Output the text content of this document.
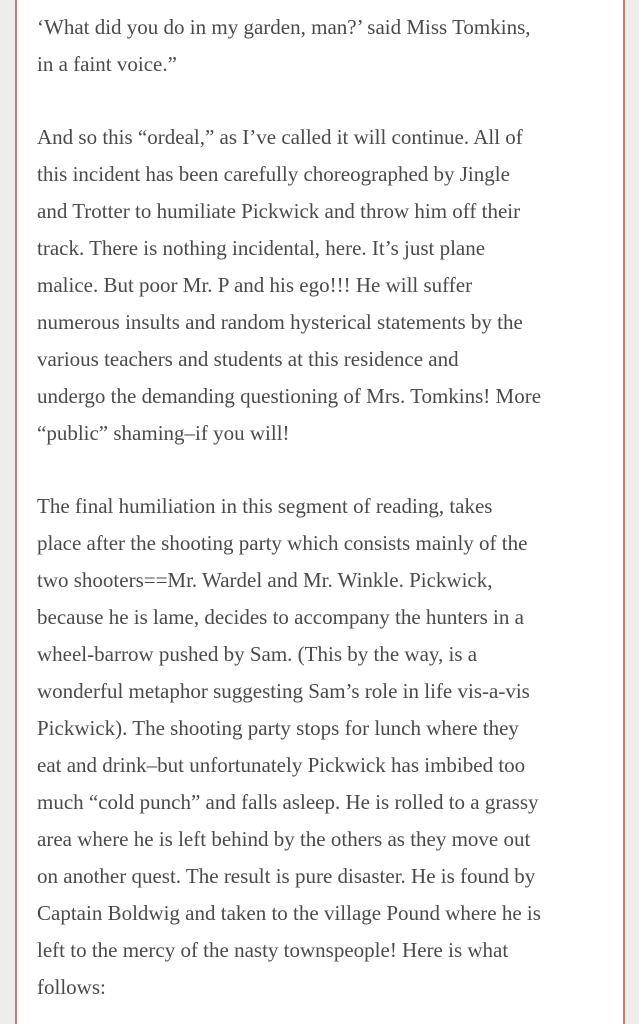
‘What did you do in my garden, man?’ said Miss Tomkins,
in a faint voice.”

And so this “ordeal,” as I’ve called it will continue. All of
this incident has been carefully choreographed by Jingle
and Trotter to humiliate Pickwick and throw him off their
track. There is nothing incidental, here. It’s just plane
malice. But poor Mr. P and his ego!!! He will suffer
numerous insults and random hysterical statements by the
various teachers and students at this residence and
undergo the demanding questioning of Mrs. Tomkins! More
“public” shaming–if you will!

The final humiliation in this segment of reading, takes
place after the shooting party which consists mainly of the
two shooters==Mr. Wardel and Mr. Winkle. Pickwick,
because he is lame, decides to accompany the hunters in a
wheel-barrow pushed by Sam. (This by the way, is a
wonderful metaphor suggesting Sam’s role in life vis-a-vis
Pickwick). The shooting party stops for lunch where they
eat and drink–but unfortunately Pickwick has imbibed too
much “cold punch” and falls asleep. He is rolled to a grassy
area where he is left behind by the others as they move out
on another quest. The result is pure disaster. He is found by
Captain Boldwig and taken to the village Pound where he is
left to the mercy of the nasty townspeople! Here is what
follows:
